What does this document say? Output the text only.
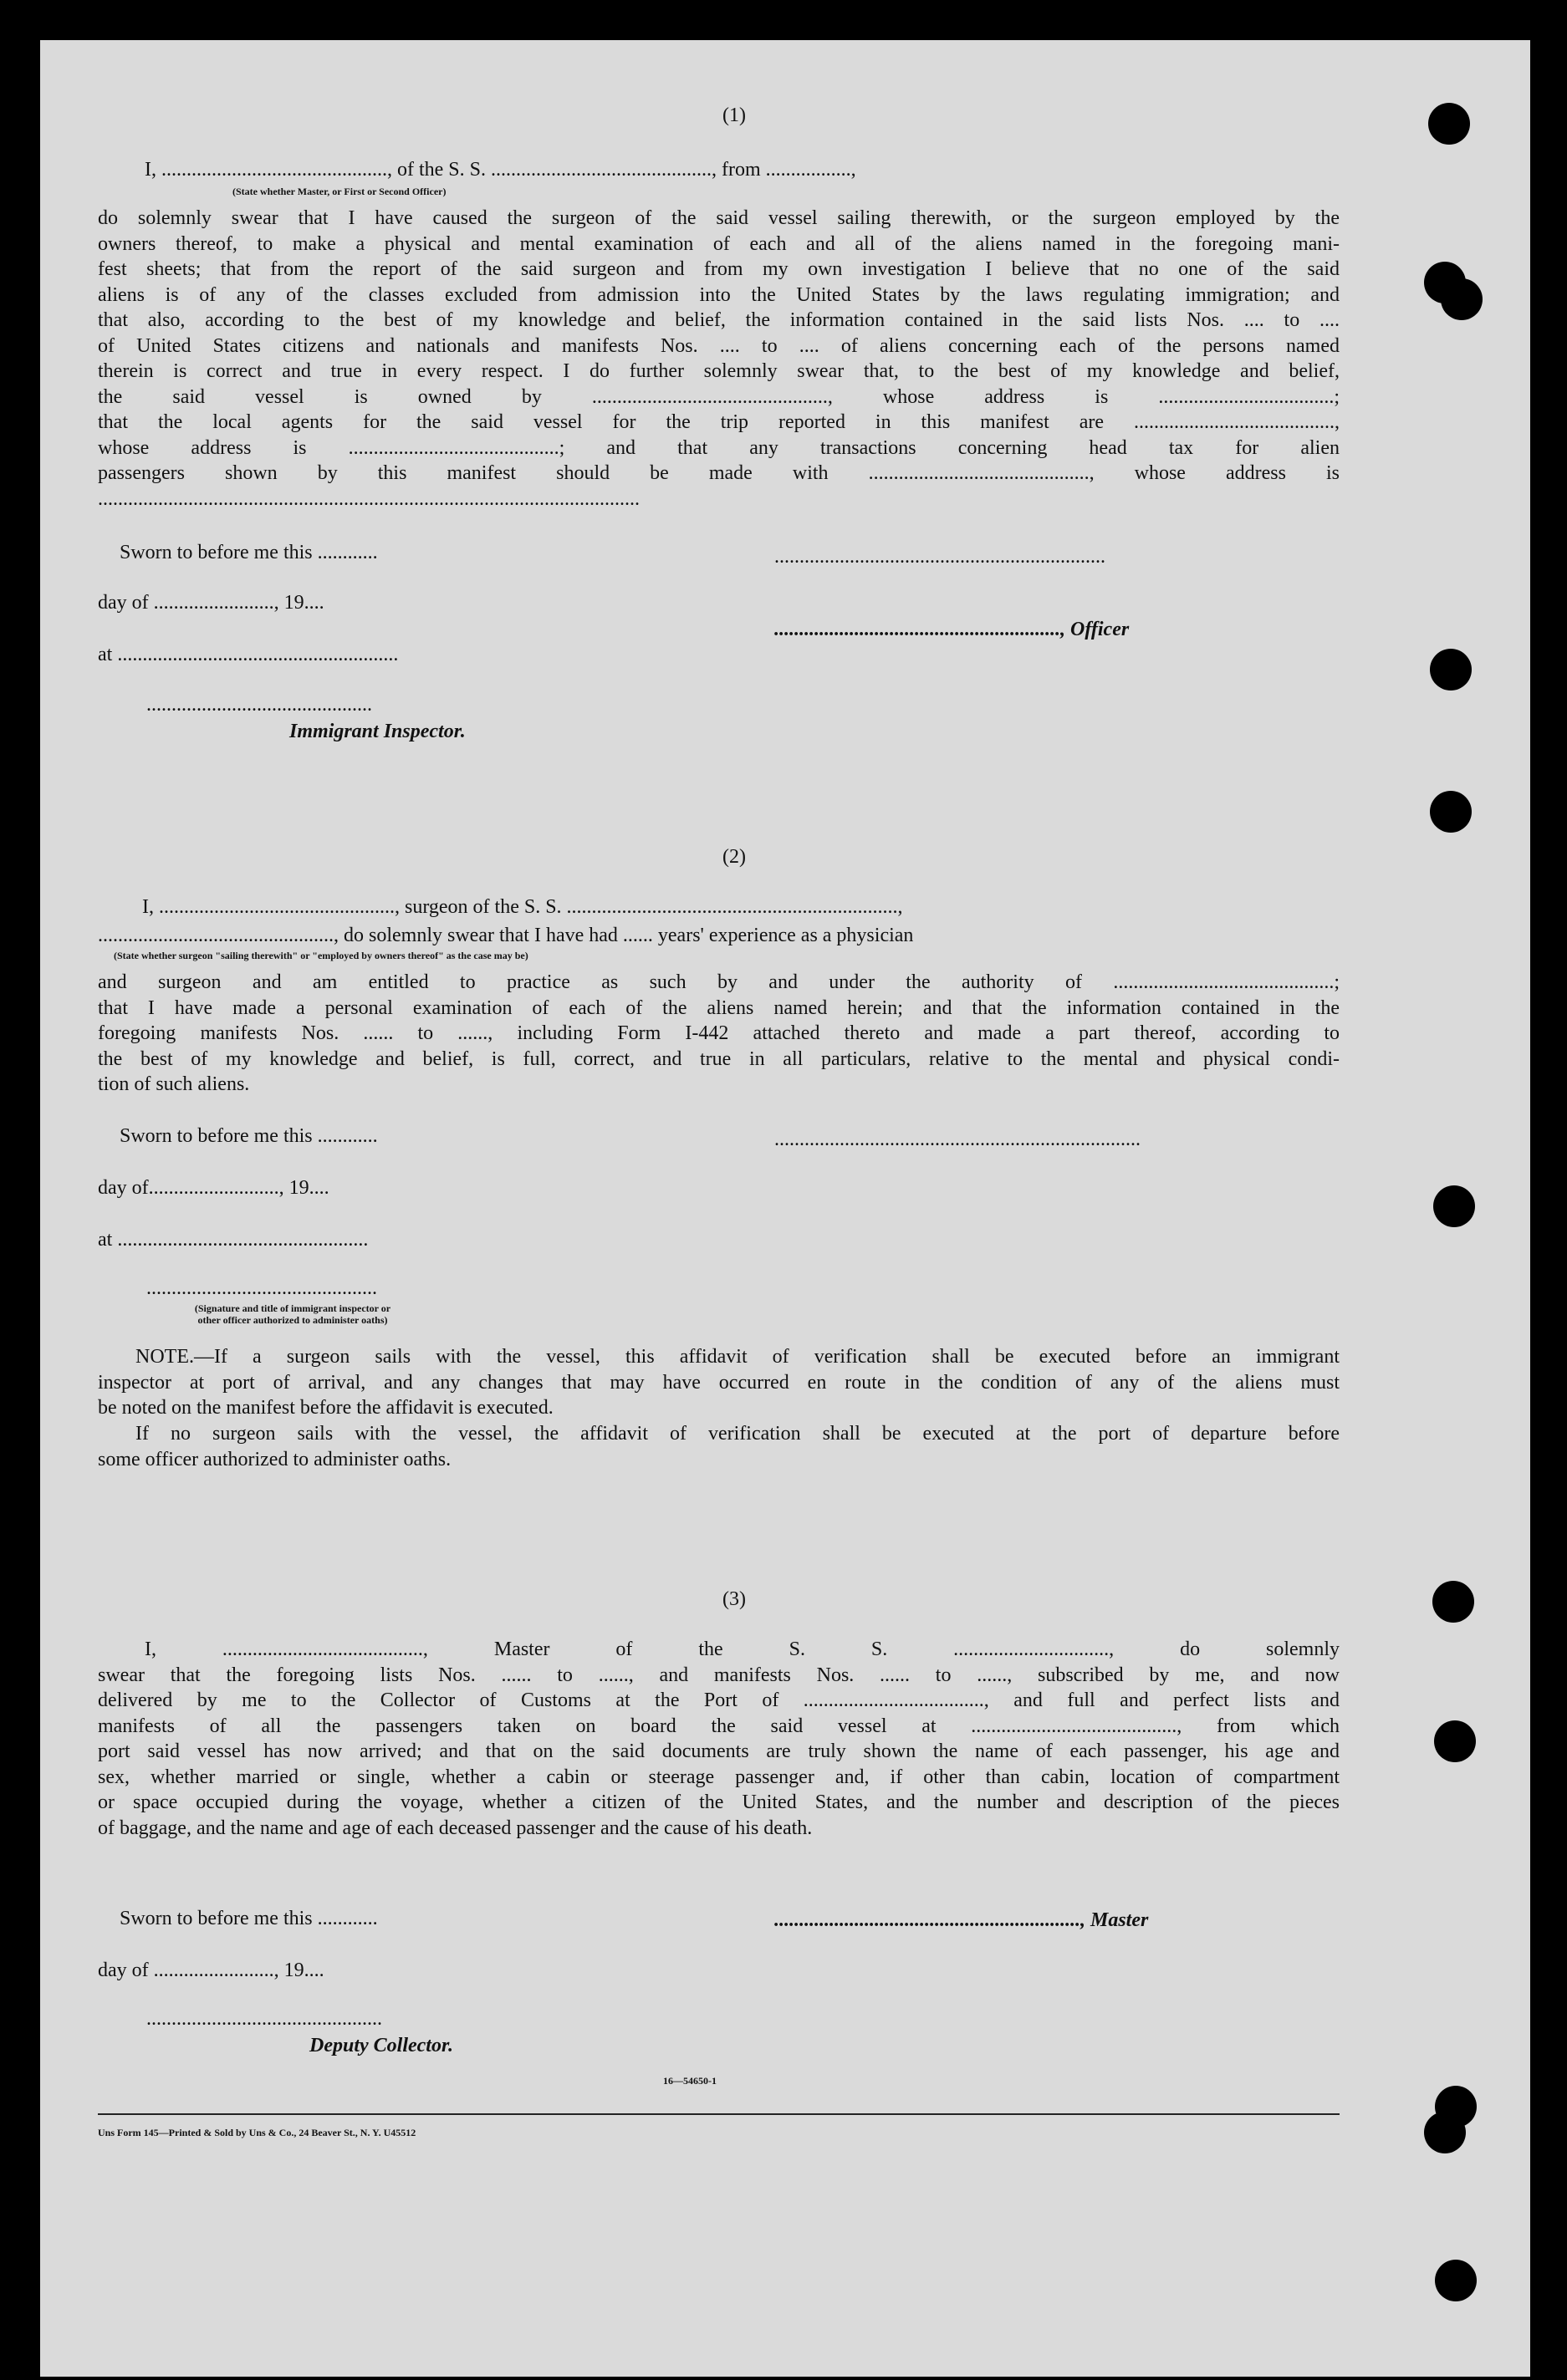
(1)
I, ............................................., of the S. S. ............................................, from .................,
(State whether Master, or First or Second Officer)
do solemnly swear that I have caused the surgeon of the said vessel sailing therewith, or the surgeon employed by the
owners thereof, to make a physical and mental examination of each and all of the aliens named in the foregoing mani-
fest sheets; that from the report of the said surgeon and from my own investigation I believe that no one of the said
aliens is of any of the classes excluded from admission into the United States by the laws regulating immigration; and
that also, according to the best of my knowledge and belief, the information contained in the said lists Nos. .... to ....
of United States citizens and nationals and manifests Nos. .... to .... of aliens concerning each of the persons named
therein is correct and true in every respect. I do further solemnly swear that, to the best of my knowledge and belief,
the said vessel is owned by ..............................................., whose address is ...................................;
that the local agents for the said vessel for the trip reported in this manifest are ........................................,
whose address is ..........................................; and that any transactions concerning head tax for alien
passengers shown by this manifest should be made with ............................................, whose address is
............................................................................................................
Sworn to before me this ............	..................................................................
day of ........................, 19....
........................................................., Officer
at ........................................................
.............................................
Immigrant Inspector.
(2)
I, ..............................................., surgeon of the S. S. ..................................................................,
..............................................., do solemnly swear that I have had ...... years' experience as a physician
(State whether surgeon "sailing therewith" or "employed by owners thereof" as the case may be)
and surgeon and am entitled to practice as such by and under the authority of ............................................;
that I have made a personal examination of each of the aliens named herein; and that the information contained in the
foregoing manifests Nos. ...... to ......, including Form I-442 attached thereto and made a part thereof, according to
the best of my knowledge and belief, is full, correct, and true in all particulars, relative to the mental and physical condi-
tion of such aliens.
Sworn to before me this ............	.........................................................................
day of.........................., 19....
at ..................................................
..............................................
(Signature and title of immigrant inspector or
other officer authorized to administer oaths)
NOTE.—If a surgeon sails with the vessel, this affidavit of verification shall be executed before an immigrant
inspector at port of arrival, and any changes that may have occurred en route in the condition of any of the aliens must
be noted on the manifest before the affidavit is executed.
If no surgeon sails with the vessel, the affidavit of verification shall be executed at the port of departure before
some officer authorized to administer oaths.
(3)
I, ........................................, Master of the S. S. ..............................., do solemnly
swear that the foregoing lists Nos. ...... to ......, and manifests Nos. ...... to ......, subscribed by me, and now
delivered by me to the Collector of Customs at the Port of ...................................., and full and perfect lists and
manifests of all the passengers taken on board the said vessel at ........................................., from which
port said vessel has now arrived; and that on the said documents are truly shown the name of each passenger, his age and
sex, whether married or single, whether a cabin or steerage passenger and, if other than cabin, location of compartment
or space occupied during the voyage, whether a citizen of the United States, and the number and description of the pieces
of baggage, and the name and age of each deceased passenger and the cause of his death.
Sworn to before me this ............	............................................................., Master
day of ........................, 19....
...............................................
Deputy Collector.
16—54650-1
Uns Form 145—Printed & Sold by Uns & Co., 24 Beaver St., N. Y. U45512
